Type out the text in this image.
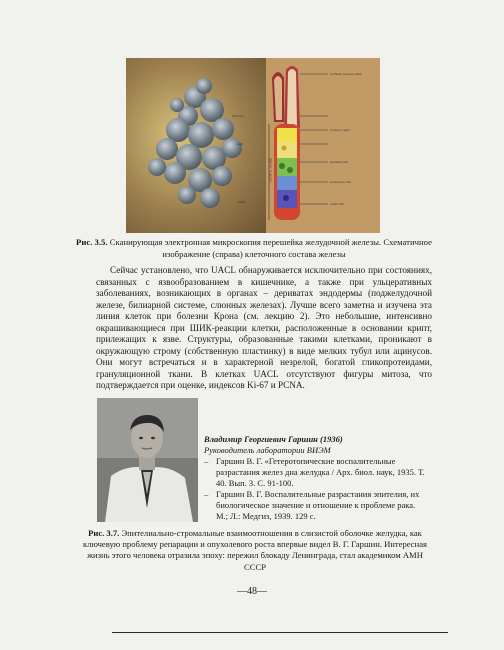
surface mucous cells
isthmus
mucous neck
neck
parietal cell
endocrine cell
base	chief cell
OXYNTIC GLAND
Рис. 3.5. Сканирующая электронная микроскопия перешейка желудочной железы. Схематичное изображение (справа) клеточного состава железы
Сейчас установлено, что UACL обнаруживается исключительно при состояниях, связанных с язвообразованием в кишечнике, а также при ульцеративных заболеваниях, возникающих в органах – дериватах эндодермы (поджелудочной железе, билиарной системе, слюнных железах). Лучше всего заметна и изучена эта линия клеток при болезни Крона (см. лекцию 2). Это небольшие, интенсивно окрашивающиеся при ШИК-реакции клетки, расположенные в основании крипт, прилежащих к язве. Структуры, образованные такими клетками, проникают в окружающую строму (собственную пластинку) в виде мелких тубул или ацинусов. Они могут встречаться и в характерной незрелой, богатой гликопротеидами, грануляционной ткани. В клетках UACL отсутствуют фигуры митоза, что подтверждается при оценке, индексов Ki-67 и PCNA.
Владимир Георгиевич Гаршин (1936)
Руководитель лаборатории ВИЭМ
– Гаршин В. Г. «Гетеротопические воспалительные разрастания желез дна желудка / Арх. биол. наук, 1935. Т. 40. Вып. 3. С. 91-100.
– Гаршин В. Г. Воспалительные разрастания эпителия, их биологическое значение и отношение к проблеме рака. М.; Л.: Медгиз, 1939. 129 с.
Рис. 3.7. Эпителиально-стромальные взаимоотношения в слизистой оболочке желудка, как ключевую проблему репарации и опухолевого роста впервые видел В. Г. Гаршин. Интересная жизнь этого человека отразила эпоху: пережил блокаду Ленинграда, стал академиком АМН СССР
—48—
